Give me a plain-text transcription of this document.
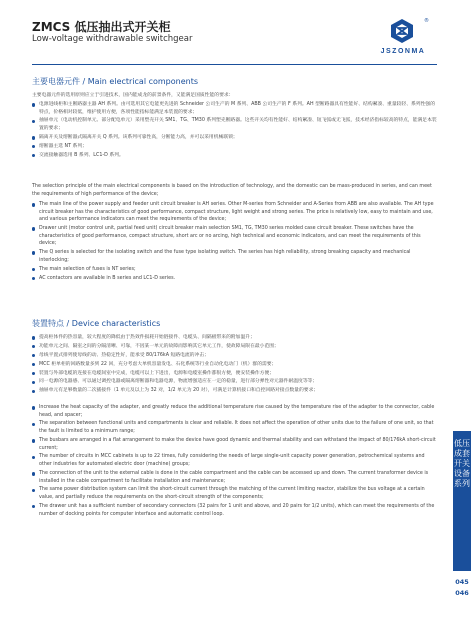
ZMCS 低压抽出式开关柜
Low-voltage withdrawable switchgear
®
JSZONMA
主要电器元件 / Main electrical components

主要电器元件的选用原则应立于引进技术，国内能成龙的前景条件，又能满足国质性能的要求：

电源进线柜和主断路器主器 AH 系列。由可选用其它电能更先进的 Schneider 公司生产的 M 系列、ABB 公司生产的 F 系列。AH 型断路器具有性能好、结构紧凑、重量较轻、系列性强的特点，价格相对较低，维护使用方便，各项性能指标能满足本装置的要求；
抽屉单元（电动机控制单元、部分配电单元）采用塑壳开关 SM1、TG、TM30 系列塑壳断路器。这些开关均有性能好、结构紧凑、短飞弧或无飞弧，技术经济指标较高的特点，能满足本装置的要求；
隔离开关及熔断器式隔离开关 Q 系列。该系列可靠性高，分断能力高，并可以采用机械联锁；
熔断器主选 NT 系列；
交流接触器选用 B 系列、LC1-D 系列。

The selection principle of the main electrical components is based on the introduction of technology, and the domestic can be mass-produced in series, and can meet the requirements of high performance of the device;

The main line of the power supply and feeder unit circuit breaker is AH series. Other M-series from Schneider and A-Series from ABB are also available. The AH type circuit breaker has the characteristics of good performance, compact structure, light weight and strong series. The price is relatively low, easy to maintain and use, and various performance indicators can meet the requirements of the device;
Drawer unit (motor control unit, partial feed unit) circuit breaker main selection SM1, TG, TM30 series molded case circuit breaker. These switches have the characteristics of good performance, compact structure, short arc or no arcing, high technical and economic indicators, and can meet the requirements of this device;
The Q series is selected for the isolating switch and the fuse type isolating switch. The series has high reliability, strong breaking capacity and mechanical interlocking;
The main selection of fuses is NT series;
AC contactors are available in B series and LC1-D series.
装置特点 / Device characteristics
提高柜体件的热容量，较大程度的降低由于热效件损耗开始链接件、电缆头、间隔板带来的附加温升；
功能单元之间、隔室之间的分隔清晰、可靠，不因某一单元的故障而影响其它单元工作，使故障局限在最小范围；
母线平置式排列使母线的动、热稳定性好，能承受 80/176kA 短路电流的冲击；
MCC 柜单柜的回路数量多到 22 回，充分考虑大单机容量发电、石化系统等行业自动化电动门（机）群的需要；
装置与外部电缆的连接在电缆间室中完成，电缆可以上下进出，电源和电缆室操作都很方便，便安装操作方便；
同一电源的电器感、可以通过调控电器或隔离熔断器和电器电源，物流增强适应在一定的稳量，进行部分弹性对元器件耐温度等等；
抽屉单元有足够数量的二次插接件（1 单元及以上为 32 对，1/2 单元为 20 对），可满足计算机接口和自控回路对接点数量的要求；
Increase the heat capacity of the adapter, and greatly reduce the additional temperature rise caused by the temperature rise of the adapter to the connector, cable head, and spacer;
The separation between functional units and compartments is clear and reliable. It does not affect the operation of other units due to the failure of one unit, so that the fault is limited to a minimum range;
The busbars are arranged in a flat arrangement to make the device have good dynamic and thermal stability and can withstand the impact of 80/176kA short-circuit current;
The number of circuits in MCC cabinets is up to 22 times, fully considering the needs of large single-unit capacity power generation, petrochemical systems and other industries for automated electric door (machine) groups;
The connection of the unit to the external cable is done in the cable compartment and the cable can be accessed up and down. The current transformer device is installed in the cable compartment to facilitate installation and maintenance;
The same power distribution system can limit the short-circuit current through the matching of the current limiting reactor, stabilize the bus voltage at a certain value, and partially reduce the requirements on the short-circuit strength of the components;
The drawer unit has a sufficient number of secondary connectors (32 pairs for 1 unit and above, and 20 pairs for 1/2 units), which can meet the requirements of the number of docking points for computer interface and automatic control loop.
低压成套开关设备系列
045
046
